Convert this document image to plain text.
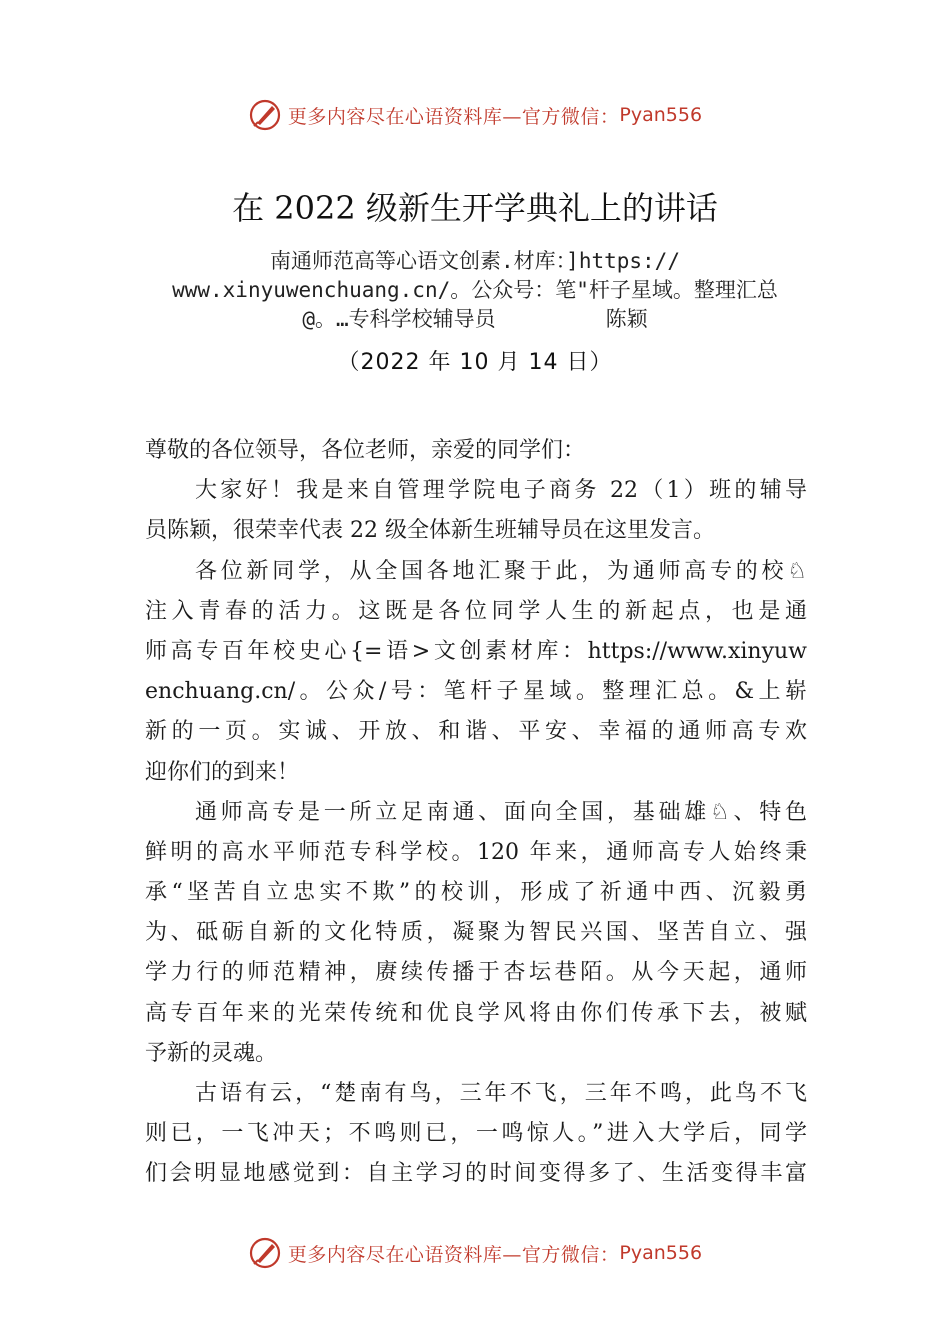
更多内容尽在心语资料库—官方微信： Pyan556
在 2022 级新生开学典礼上的讲话
南通师范高等心语文创素.材库：]https://
www.xinyuwenchuang.cn/。公众号：笔"杆子星域。整理汇总
@。…专科学校辅导员	陈颖
（2022 年 10 月 14 日）
尊敬的各位领导，各位老师，亲爱的同学们：
大家好！我是来自管理学院电子商务 22（1）班的辅导
员陈颖，很荣幸代表 22 级全体新生班辅导员在这里发言。
各位新同学，从全国各地汇聚于此，为通师高专的校♘
注入青春的活力。这既是各位同学人生的新起点，也是通
师高专百年校史心{=语>文创素材库：https://www.xinyuw
enchuang.cn/。公众/号：笔杆子星域。整理汇总。&上崭
新的一页。实诚、开放、和谐、平安、幸福的通师高专欢
迎你们的到来！
通师高专是一所立足南通、面向全国，基础雄♘、特色
鲜明的高水平师范专科学校。120 年来，通师高专人始终秉
承“坚苦自立忠实不欺”的校训，形成了祈通中西、沉毅勇
为、砥砺自新的文化特质，凝聚为智民兴国、坚苦自立、强
学力行的师范精神，赓续传播于杏坛巷陌。从今天起，通师
高专百年来的光荣传统和优良学风将由你们传承下去，被赋
予新的灵魂。
古语有云，“楚南有鸟，三年不飞，三年不鸣，此鸟不飞
则已，一飞冲天；不鸣则已，一鸣惊人。”进入大学后，同学
们会明显地感觉到：自主学习的时间变得多了、生活变得丰富
更多内容尽在心语资料库—官方微信： Pyan556
